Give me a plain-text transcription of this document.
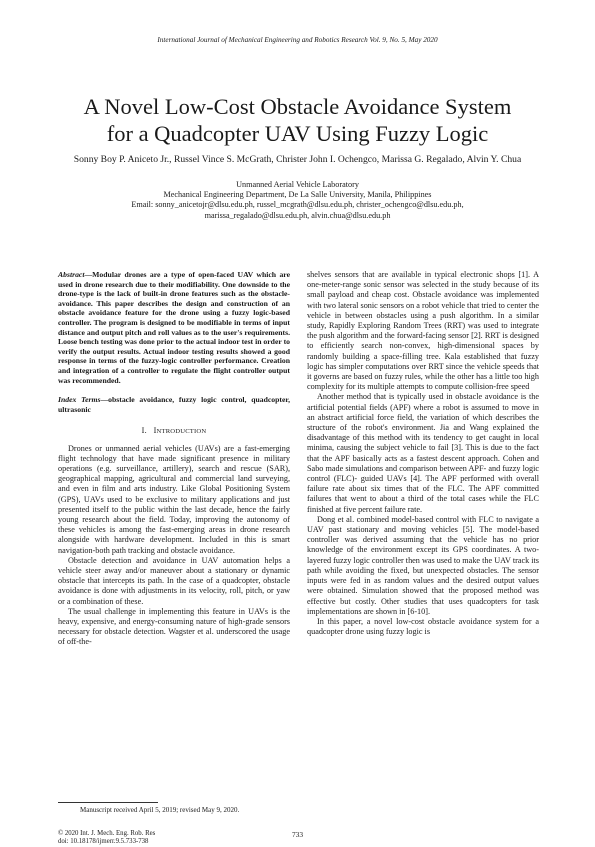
International Journal of Mechanical Engineering and Robotics Research Vol. 9, No. 5, May 2020
A Novel Low-Cost Obstacle Avoidance System
for a Quadcopter UAV Using Fuzzy Logic
Sonny Boy P. Aniceto Jr., Russel Vince S. McGrath, Christer John I. Ochengco, Marissa G. Regalado, Alvin Y. Chua
Unmanned Aerial Vehicle Laboratory
Mechanical Engineering Department, De La Salle University, Manila, Philippines
Email: sonny_anicetojr@dlsu.edu.ph, russel_mcgrath@dlsu.edu.ph, christer_ochengco@dlsu.edu.ph,
marissa_regalado@dlsu.edu.ph, alvin.chua@dlsu.edu.ph

Abstract—Modular drones are a type of open-faced UAV which are used in drone research due to their modifiability. One downside to the drone-type is the lack of built-in drone features such as the obstacle-avoidance. This paper describes the design and construction of an obstacle avoidance feature for the drone using a fuzzy logic-based controller. The program is designed to be modifiable in terms of input distance and output pitch and roll values as to the user's requirements. Loose bench testing was done prior to the actual indoor test in order to verify the output results. Actual indoor testing results showed a good response in terms of the fuzzy-logic controller performance. Creation and integration of a controller to regulate the flight controller output was recommended.

Index Terms—obstacle avoidance, fuzzy logic control, quadcopter, ultrasonic

I. INTRODUCTION

Drones or unmanned aerial vehicles (UAVs) are a fast-emerging flight technology that have made significant presence in military operations (e.g. surveillance, artillery), search and rescue (SAR), geographical mapping, agricultural and commercial land surveying, and even in film and arts industry. Like Global Positioning System (GPS), UAVs used to be exclusive to military applications and just presented itself to the public within the last decade, hence the fairly young research about the field. Today, improving the autonomy of these vehicles is among the fast-emerging areas in drone research alongside with hardware development. Included in this is smart navigation-both path tracking and obstacle avoidance.

Obstacle detection and avoidance in UAV automation helps a vehicle steer away and/or maneuver about a stationary or dynamic obstacle that intercepts its path. In the case of a quadcopter, obstacle avoidance is done with adjustments in its velocity, roll, pitch, or yaw or a combination of these.

The usual challenge in implementing this feature in UAVs is the heavy, expensive, and energy-consuming nature of high-grade sensors necessary for obstacle detection. Wagster et al. underscored the usage of off-the-

shelves sensors that are available in typical electronic shops [1]. A one-meter-range sonic sensor was selected in the study because of its small payload and cheap cost. Obstacle avoidance was implemented with two lateral sonic sensors on a robot vehicle that tried to center the vehicle in between obstacles using a push algorithm. In a similar study, Rapidly Exploring Random Trees (RRT) was used to integrate the push algorithm and the forward-facing sensor [2]. RRT is designed to efficiently search non-convex, high-dimensional spaces by randomly building a space-filling tree. Kala established that fuzzy logic has simpler computations over RRT since the vehicle speeds that it governs are based on fuzzy rules, while the other has a little too high complexity for its multiple attempts to compute collision-free speed

Another method that is typically used in obstacle avoidance is the artificial potential fields (APF) where a robot is assumed to move in an abstract artificial force field, the variation of which describes the structure of the robot's environment. Jia and Wang explained the disadvantage of this method with its tendency to get caught in local minima, causing the subject vehicle to fail [3]. This is due to the fact that the APF basically acts as a fastest descent approach. Cohen and Sabo made simulations and comparison between APF- and fuzzy logic control (FLC)- guided UAVs [4]. The APF performed with overall failure rate about six times that of the FLC. The APF committed failures that went to about a third of the total cases while the FLC finished at five percent failure rate.

Dong et al. combined model-based control with FLC to navigate a UAV past stationary and moving vehicles [5]. The model-based controller was derived assuming that the vehicle has no prior knowledge of the environment except its GPS coordinates. A two-layered fuzzy logic controller then was used to make the UAV track its path while avoiding the fixed, but unexpected obstacles. The sensor inputs were fed in as random values and the desired output values were obtained. Simulation showed that the proposed method was effective but costly. Other studies that uses quadcopters for task implementations are shown in [6-10].

In this paper, a novel low-cost obstacle avoidance system for a quadcopter drone using fuzzy logic is

Manuscript received April 5, 2019; revised May 9, 2020.
© 2020 Int. J. Mech. Eng. Rob. Res
doi: 10.18178/ijmerr.9.5.733-738
733
